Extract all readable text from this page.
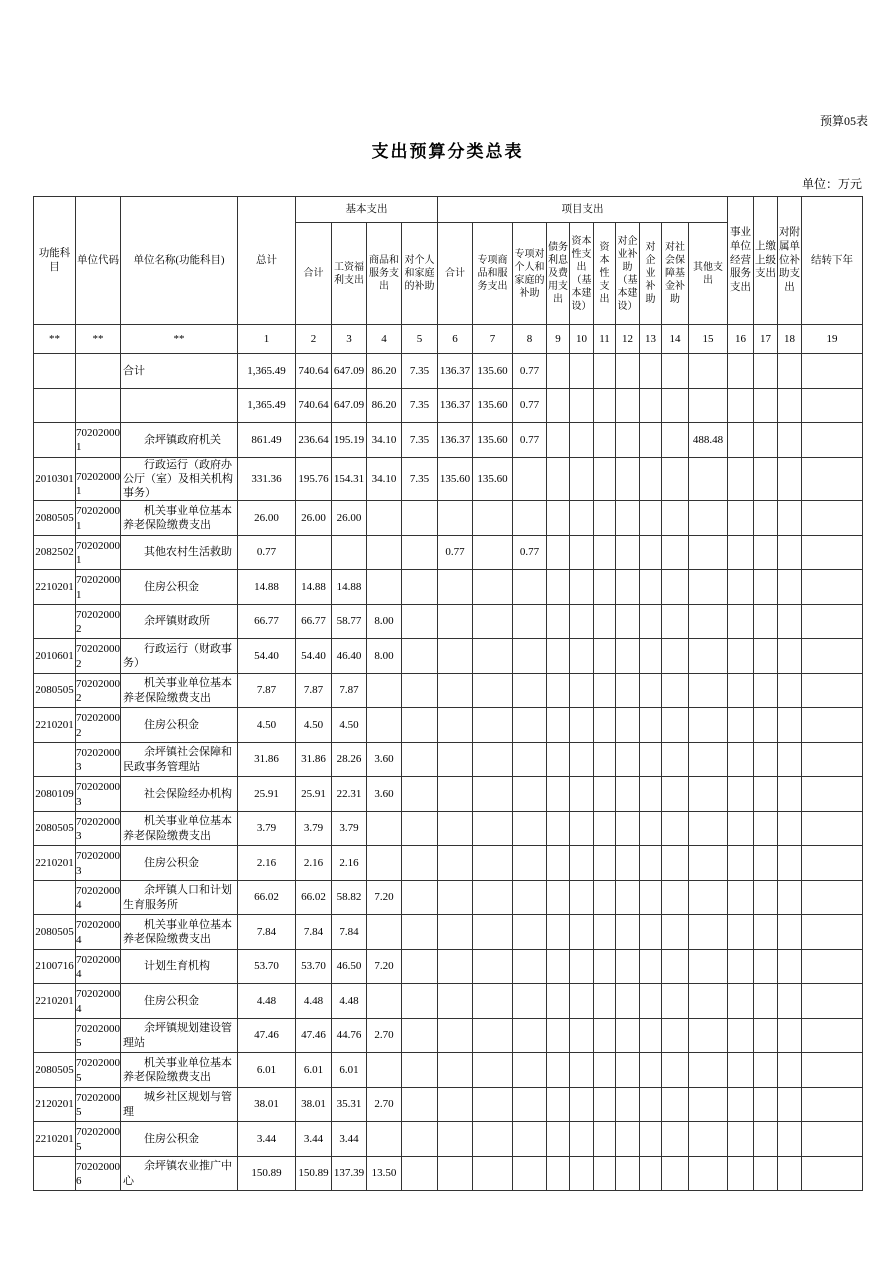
预算05表
支出预算分类总表
单位：万元
功能科目	单位代码	单位名称(功能科目)	总计	基本支出				项目支出										事业单位经营服务支出	上缴上级支出	对附属单位补助支出	结转下年
				合计	工资福利支出	商品和服务支出	对个人和家庭的补助	合计	专项商品和服务支出	专项对个人和家庭的补助	债务利息及费用支出	资本性支出（基本建设）	资本性支出	对企业补助（基本建设）	对企业补助	对社会保障基金补助	其他支出				
**	**	**	1	2	3	4	5	6	7	8	9	10	11	12	13	14	15	16	17	18	19
		合计	1,365.49	740.64	647.09	86.20	7.35	136.37	135.60	0.77											
			1,365.49	740.64	647.09	86.20	7.35	136.37	135.60	0.77											
	702020001	余坪镇政府机关	861.49	236.64	195.19	34.10	7.35	136.37	135.60	0.77							488.48				
2010301	702020001	行政运行（政府办公厅（室）及相关机构事务）	331.36	195.76	154.31	34.10	7.35	135.60	135.60												
2080505	702020001	机关事业单位基本养老保险缴费支出	26.00	26.00	26.00																
2082502	702020001	其他农村生活救助	0.77					0.77		0.77											
2210201	702020001	住房公积金	14.88	14.88	14.88																
	702020002	余坪镇财政所	66.77	66.77	58.77	8.00															
2010601	702020002	行政运行（财政事务）	54.40	54.40	46.40	8.00															
2080505	702020002	机关事业单位基本养老保险缴费支出	7.87	7.87	7.87																
2210201	702020002	住房公积金	4.50	4.50	4.50																
	702020003	余坪镇社会保障和民政事务管理站	31.86	31.86	28.26	3.60															
2080109	702020003	社会保险经办机构	25.91	25.91	22.31	3.60															
2080505	702020003	机关事业单位基本养老保险缴费支出	3.79	3.79	3.79																
2210201	702020003	住房公积金	2.16	2.16	2.16																
	702020004	余坪镇人口和计划生育服务所	66.02	66.02	58.82	7.20															
2080505	702020004	机关事业单位基本养老保险缴费支出	7.84	7.84	7.84																
2100716	702020004	计划生育机构	53.70	53.70	46.50	7.20															
2210201	702020004	住房公积金	4.48	4.48	4.48																
	702020005	余坪镇规划建设管理站	47.46	47.46	44.76	2.70															
2080505	702020005	机关事业单位基本养老保险缴费支出	6.01	6.01	6.01																
2120201	702020005	城乡社区规划与管理	38.01	38.01	35.31	2.70															
2210201	702020005	住房公积金	3.44	3.44	3.44																
	702020006	余坪镇农业推广中心	150.89	150.89	137.39	13.50															
